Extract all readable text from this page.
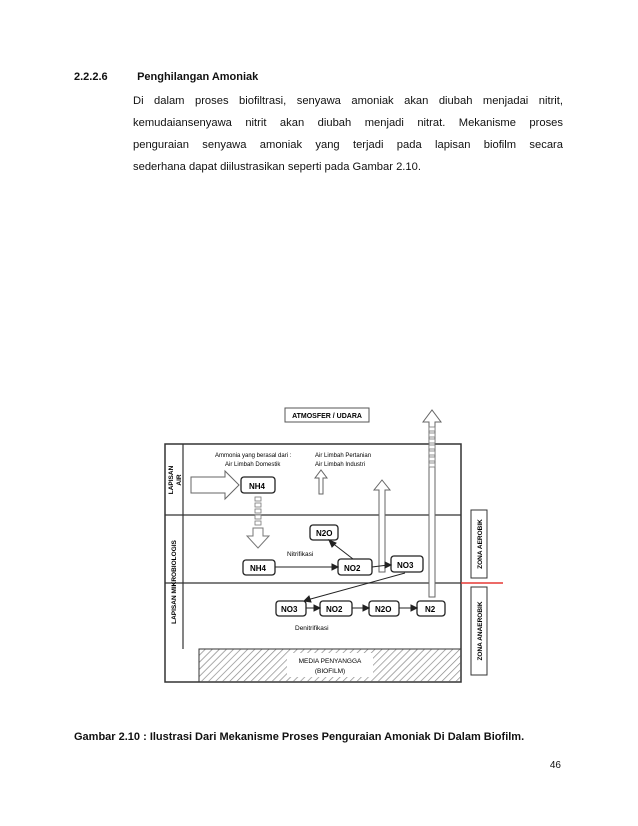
2.2.2.6	Penghilangan Amoniak
Di dalam proses biofiltrasi, senyawa amoniak akan diubah menjadai nitrit,
kemudaiansenyawa nitrit akan diubah menjadi nitrat. Mekanisme proses
penguraian senyawa amoniak yang terjadi pada lapisan biofilm secara
sederhana dapat diilustrasikan seperti pada Gambar 2.10.
ATMOSFER / UDARA
MEDIA PENYANGGA
(BIOFILM)
LAPISAN AIR
LAPISAN MIKROBIOLOGIS	ZONA AEROBIK
ZONA ANAEROBIK
Ammonia yang berasal dari :	Air Limbah Pertanian
Air Limbah Domestik	Air Limbah Industri
NH4
N2O
NH4	NO2	NO3
Nitrifikasi
NO3	NO2	N2O	N2
Denitrifikasi
Gambar 2.10 : Ilustrasi Dari Mekanisme Proses Penguraian Amoniak Di Dalam Biofilm.
46
